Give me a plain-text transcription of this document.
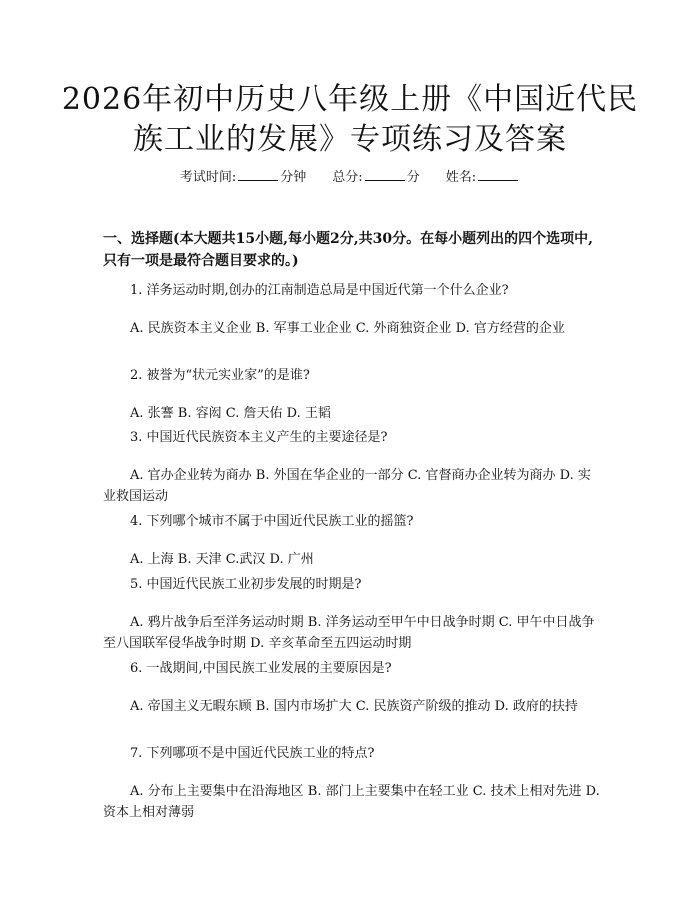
2026年初中历史八年级上册《中国近代民族工业的发展》专项练习及答案
考试时间:	分钟 总分:	分 姓名:
一、选择题(本大题共15小题,每小题2分,共30分。在每小题列出的四个选项中,只有一项是最符合题目要求的。)
1. 洋务运动时期,创办的江南制造总局是中国近代第一个什么企业?
A. 民族资本主义企业 B. 军事工业企业 C. 外商独资企业 D. 官方经营的企业
2. 被誉为“状元实业家”的是谁?
A. 张謇 B. 容闳 C. 詹天佑 D. 王韬
3. 中国近代民族资本主义产生的主要途径是?
A. 官办企业转为商办 B. 外国在华企业的一部分 C. 官督商办企业转为商办 D. 实业救国运动
4. 下列哪个城市不属于中国近代民族工业的摇篮?
A. 上海 B. 天津 C.武汉 D. 广州
5. 中国近代民族工业初步发展的时期是?
A. 鸦片战争后至洋务运动时期 B. 洋务运动至甲午中日战争时期 C. 甲午中日战争至八国联军侵华战争时期 D. 辛亥革命至五四运动时期
6. 一战期间,中国民族工业发展的主要原因是?
A. 帝国主义无暇东顾 B. 国内市场扩大 C. 民族资产阶级的推动 D. 政府的扶持
7. 下列哪项不是中国近代民族工业的特点?
A. 分布上主要集中在沿海地区 B. 部门上主要集中在轻工业 C. 技术上相对先进 D. 资本上相对薄弱
